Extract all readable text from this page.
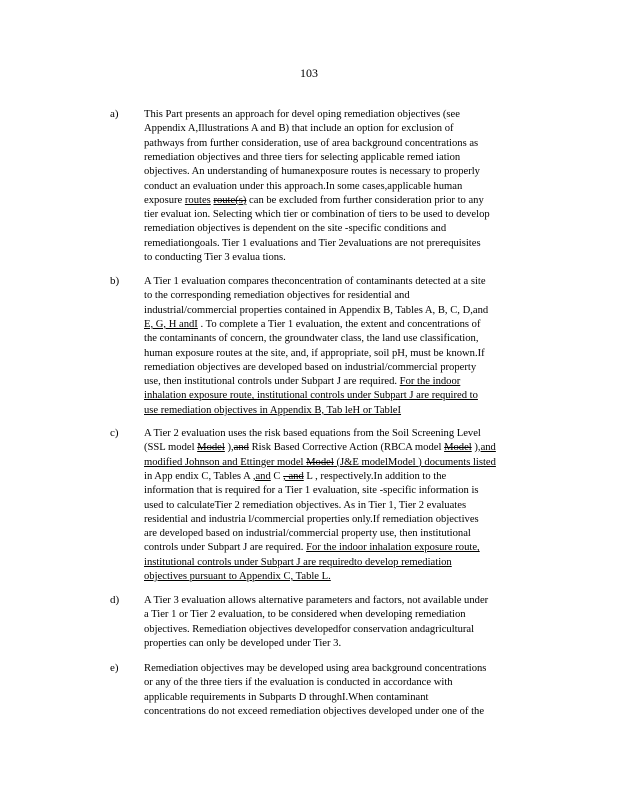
103
a) This Part presents an approach for devel oping remediation objectives (see
Appendix A,Illustrations A and B) that include an option for exclusion of
pathways from further consideration, use of area background concentrations as
remediation objectives and three tiers for selecting applicable remed iation
objectives. An understanding of humanexposure routes is necessary to properly
conduct an evaluation under this approach.In some cases,applicable human
exposure routes route(s) can be excluded from further consideration prior to any
tier evaluat ion. Selecting which tier or combination of tiers to be used to develop
remediation objectives is dependent on the site -specific conditions and
remediationgoals. Tier 1 evaluations and Tier 2evaluations are not prerequisites
to conducting Tier 3 evalua tions.
b) A Tier 1 evaluation compares theconcentration of contaminants detected at a site
to the corresponding remediation objectives for residential and
industrial/commercial properties contained in Appendix B, Tables A, B, C, D,and
E, G, H andI . To complete a Tier 1 evaluation, the extent and concentrations of
the contaminants of concern, the groundwater class, the land use classification,
human exposure routes at the site, and, if appropriate, soil pH, must be known.If
remediation objectives are developed based on industrial/commercial property
use, then institutional controls under Subpart J are required. For the indoor
inhalation exposure route, institutional controls under Subpart J are required to
use remediation objectives in Appendix B, Tab leH or TableI
c) A Tier 2 evaluation uses the risk based equations from the Soil Screening Level
(SSL model Model ),and Risk Based Corrective Action (RBCA model Model ),and
modified Johnson and Ettinger model Model (J&E modelModel ) documents listed
in App endix C, Tables A ,and C , and L , respectively.In addition to the
information that is required for a Tier 1 evaluation, site -specific information is
used to calculateTier 2 remediation objectives. As in Tier 1, Tier 2 evaluates
residential and industria l/commercial properties only.If remediation objectives
are developed based on industrial/commercial property use, then institutional
controls under Subpart J are required. For the indoor inhalation exposure route,
institutional controls under Subpart J are requiredto develop remediation
objectives pursuant to Appendix C, Table L.
d) A Tier 3 evaluation allows alternative parameters and factors, not available under
a Tier 1 or Tier 2 evaluation, to be considered when developing remediation
objectives. Remediation objectives developedfor conservation andagricultural
properties can only be developed under Tier 3.
e) Remediation objectives may be developed using area background concentrations
or any of the three tiers if the evaluation is conducted in accordance with
applicable requirements in Subparts D throughI.When contaminant
concentrations do not exceed remediation objectives developed under one of the
